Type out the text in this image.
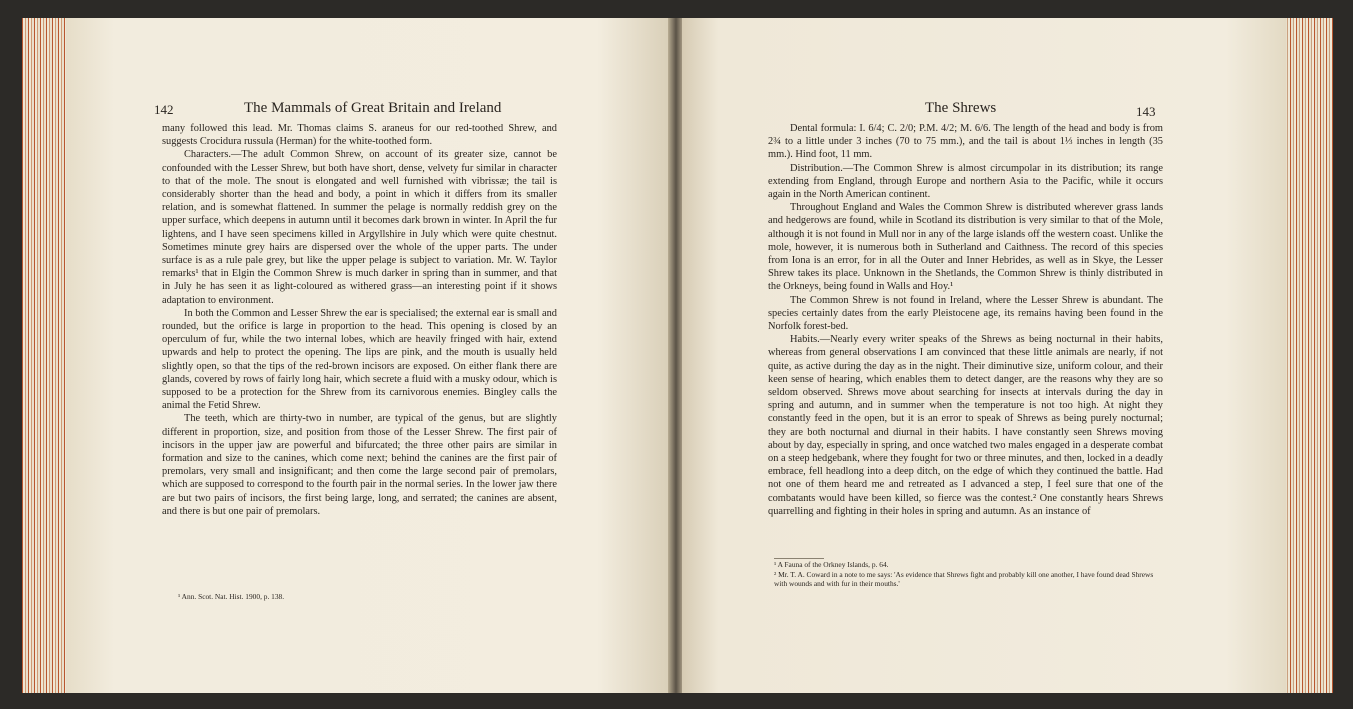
142	The Mammals of Great Britain and Ireland

many followed this lead. Mr. Thomas claims S. araneus for our red-toothed Shrew, and suggests Crocidura russula (Herman) for the white-toothed form.

Characters.—The adult Common Shrew, on account of its greater size, cannot be confounded with the Lesser Shrew, but both have short, dense, velvety fur similar in character to that of the mole. The snout is elongated and well furnished with vibrissæ; the tail is considerably shorter than the head and body, a point in which it differs from its smaller relation, and is somewhat flattened. In summer the pelage is normally reddish grey on the upper surface, which deepens in autumn until it becomes dark brown in winter. In April the fur lightens, and I have seen specimens killed in Argyllshire in July which were quite chestnut. Sometimes minute grey hairs are dispersed over the whole of the upper parts. The under surface is as a rule pale grey, but like the upper pelage is subject to variation. Mr. W. Taylor remarks¹ that in Elgin the Common Shrew is much darker in spring than in summer, and that in July he has seen it as light-coloured as withered grass—an interesting point if it shows adaptation to environment.

In both the Common and Lesser Shrew the ear is specialised; the external ear is small and rounded, but the orifice is large in proportion to the head. This opening is closed by an operculum of fur, while the two internal lobes, which are heavily fringed with hair, extend upwards and help to protect the opening. The lips are pink, and the mouth is usually held slightly open, so that the tips of the red-brown incisors are exposed. On either flank there are glands, covered by rows of fairly long hair, which secrete a fluid with a musky odour, which is supposed to be a protection for the Shrew from its carnivorous enemies. Bingley calls the animal the Fetid Shrew.

The teeth, which are thirty-two in number, are typical of the genus, but are slightly different in proportion, size, and position from those of the Lesser Shrew. The first pair of incisors in the upper jaw are powerful and bifurcated; the three other pairs are similar in formation and size to the canines, which come next; behind the canines are the first pair of premolars, very small and insignificant; and then come the large second pair of premolars, which are supposed to correspond to the fourth pair in the normal series. In the lower jaw there are but two pairs of incisors, the first being large, long, and serrated; the canines are absent, and there is but one pair of premolars.

¹ Ann. Scot. Nat. Hist. 1900, p. 138.
The Shrews	143

Dental formula: I. 6/4; C. 2/0; P.M. 4/2; M. 6/6. The length of the head and body is from 2¾ to a little under 3 inches (70 to 75 mm.), and the tail is about 1⅓ inches in length (35 mm.). Hind foot, 11 mm.

Distribution.—The Common Shrew is almost circumpolar in its distribution; its range extending from England, through Europe and northern Asia to the Pacific, while it occurs again in the North American continent.

Throughout England and Wales the Common Shrew is distributed wherever grass lands and hedgerows are found, while in Scotland its distribution is very similar to that of the Mole, although it is not found in Mull nor in any of the large islands off the western coast. Unlike the mole, however, it is numerous both in Sutherland and Caithness. The record of this species from Iona is an error, for in all the Outer and Inner Hebrides, as well as in Skye, the Lesser Shrew takes its place. Unknown in the Shetlands, the Common Shrew is thinly distributed in the Orkneys, being found in Walls and Hoy.¹

The Common Shrew is not found in Ireland, where the Lesser Shrew is abundant. The species certainly dates from the early Pleistocene age, its remains having been found in the Norfolk forest-bed.

Habits.—Nearly every writer speaks of the Shrews as being nocturnal in their habits, whereas from general observations I am convinced that these little animals are nearly, if not quite, as active during the day as in the night. Their diminutive size, uniform colour, and their keen sense of hearing, which enables them to detect danger, are the reasons why they are so seldom observed. Shrews move about searching for insects at intervals during the day in spring and autumn, and in summer when the temperature is not too high. At night they constantly feed in the open, but it is an error to speak of Shrews as being purely nocturnal; they are both nocturnal and diurnal in their habits. I have constantly seen Shrews moving about by day, especially in spring, and once watched two males engaged in a desperate combat on a steep hedgebank, where they fought for two or three minutes, and then, locked in a deadly embrace, fell headlong into a deep ditch, on the edge of which they continued the battle. Had not one of them heard me and retreated as I advanced a step, I feel sure that one of the combatants would have been killed, so fierce was the contest.² One constantly hears Shrews quarrelling and fighting in their holes in spring and autumn. As an instance of

¹ A Fauna of the Orkney Islands, p. 64.
² Mr. T. A. Coward in a note to me says: 'As evidence that Shrews fight and probably kill one another, I have found dead Shrews with wounds and with fur in their mouths.'
